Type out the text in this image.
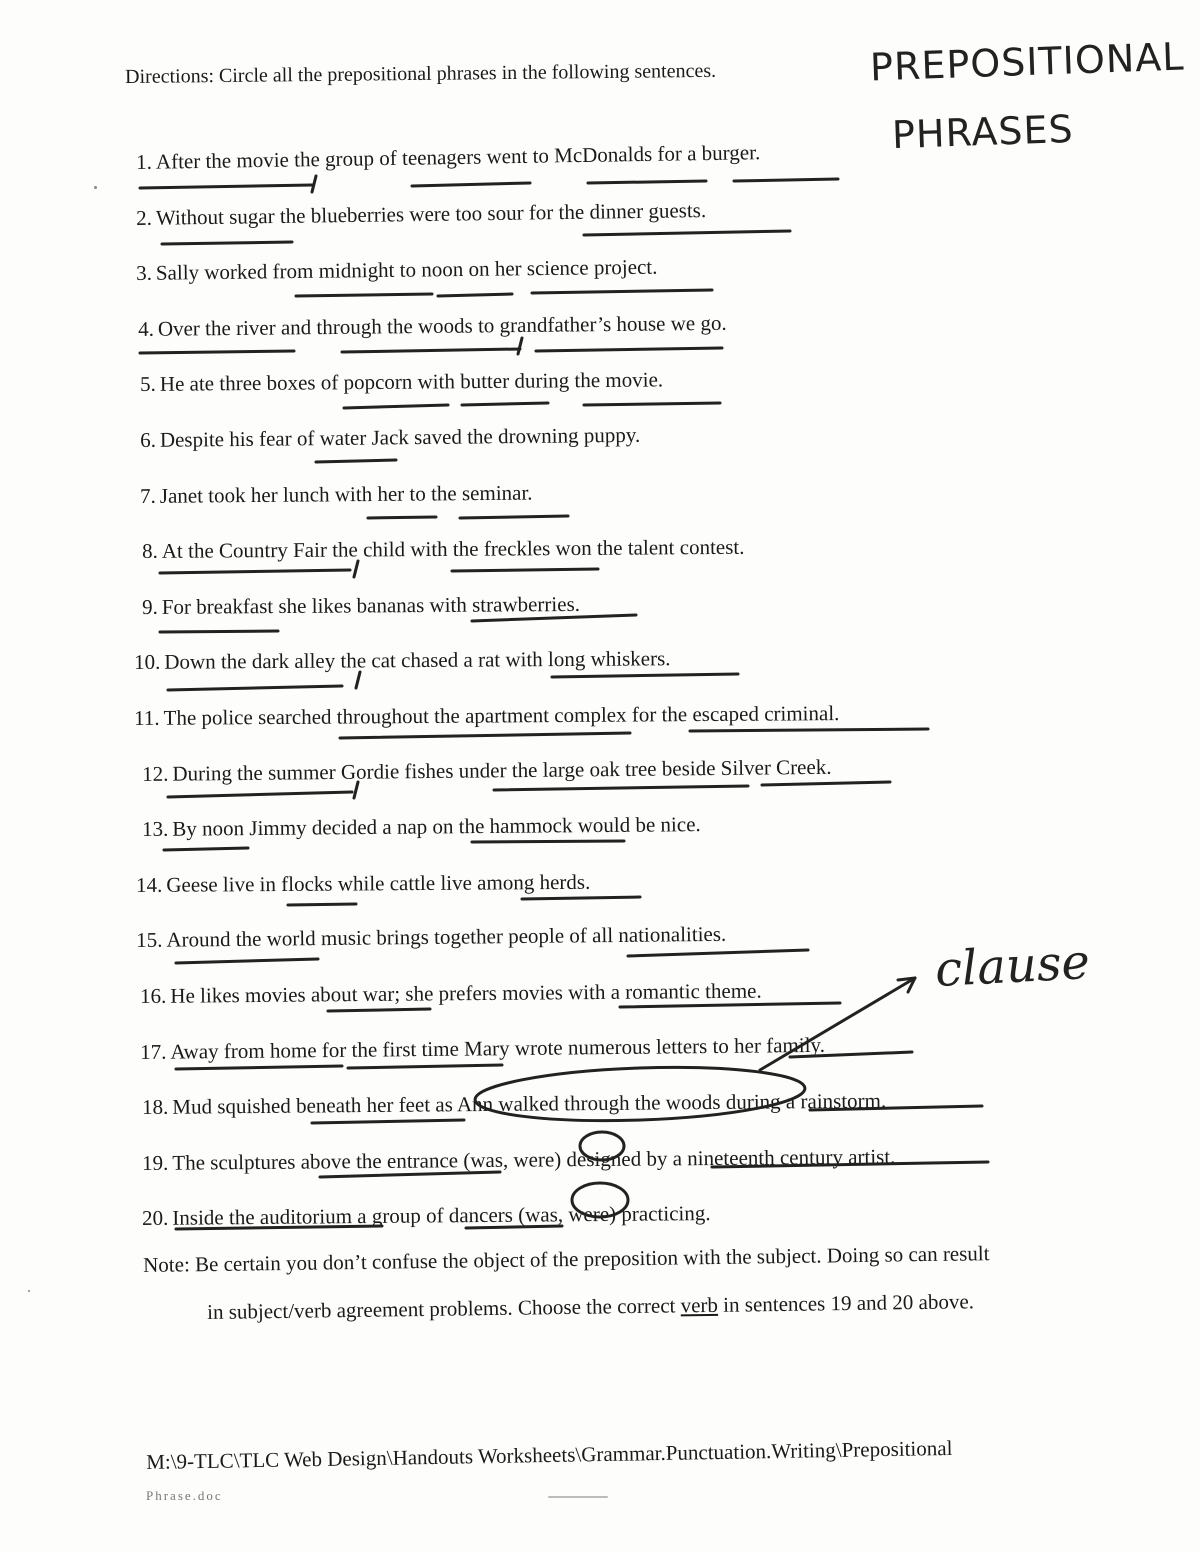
Directions: Circle all the prepositional phrases in the following sentences.	PREPOSITIONAL
PHRASES
1. After the movie the group of teenagers went to McDonalds for a burger.
2. Without sugar the blueberries were too sour for the dinner guests.
3. Sally worked from midnight to noon on her science project.
4. Over the river and through the woods to grandfather’s house we go.
5. He ate three boxes of popcorn with butter during the movie.
6. Despite his fear of water Jack saved the drowning puppy.
7. Janet took her lunch with her to the seminar.
8. At the Country Fair the child with the freckles won the talent contest.
9. For breakfast she likes bananas with strawberries.
10. Down the dark alley the cat chased a rat with long whiskers.
11. The police searched throughout the apartment complex for the escaped criminal.
12. During the summer Gordie fishes under the large oak tree beside Silver Creek.
13. By noon Jimmy decided a nap on the hammock would be nice.
14. Geese live in flocks while cattle live among herds.
15. Around the world music brings together people of all nationalities.
16. He likes movies about war; she prefers movies with a romantic theme.
17. Away from home for the first time Mary wrote numerous letters to her family.
18. Mud squished beneath her feet as Ann walked through the woods during a rainstorm.
19. The sculptures above the entrance (was, were) designed by a nineteenth century artist.
20. Inside the auditorium a group of dancers (was, were) practicing.
clause
Note: Be certain you don’t confuse the object of the preposition with the subject. Doing so can result
in subject/verb agreement problems. Choose the correct verb in sentences 19 and 20 above.
M:\9-TLC\TLC Web Design\Handouts Worksheets\Grammar.Punctuation.Writing\Prepositional
Phrase.doc
